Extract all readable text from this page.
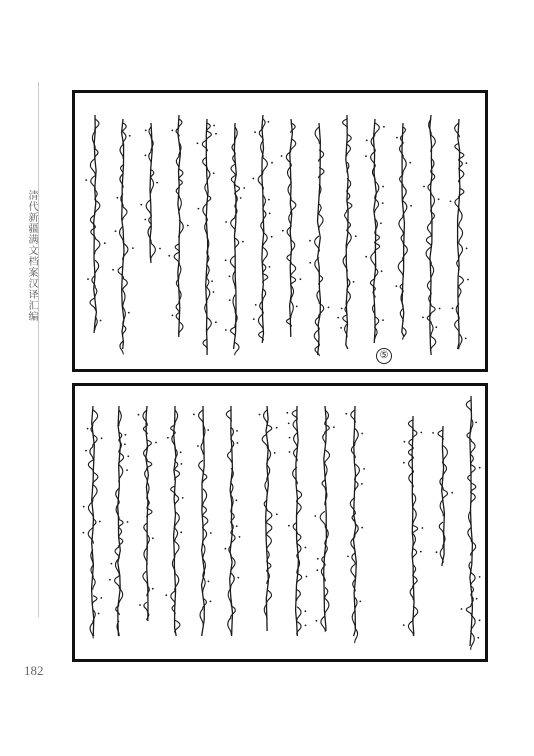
清代新疆满文档案汉译汇编
182
⑤
